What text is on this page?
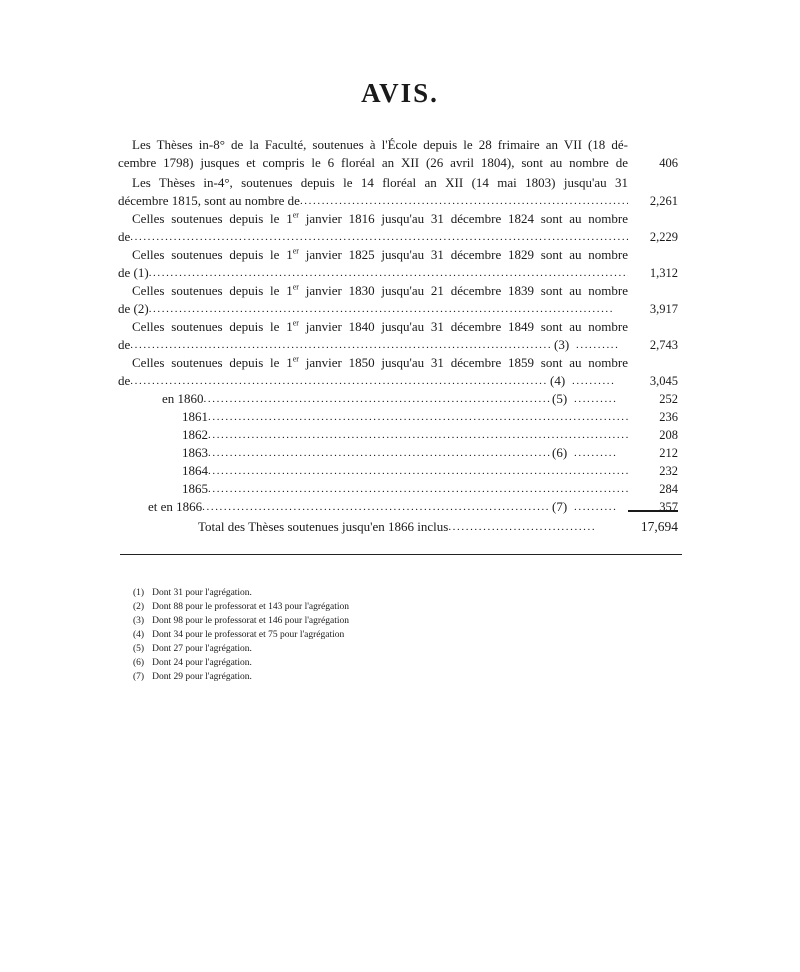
AVIS.
Les Thèses in-8° de la Faculté, soutenues à l'École depuis le 28 frimaire an VII (18 dé-
cembre 1798) jusques et compris le 6 floréal an XII (26 avril 1804), sont au nombre de	406
Les Thèses in-4°, soutenues depuis le 14 floréal an XII (14 mai 1803) jusqu'au 31
décembre 1815, sont au nombre de .....	2,261
Celles soutenues depuis le 1er janvier 1816 jusqu'au 31 décembre 1824 sont au nombre
de .....	2,229
Celles soutenues depuis le 1er janvier 1825 jusqu'au 31 décembre 1829 sont au nombre
de (1) .....	1,312
Celles soutenues depuis le 1er janvier 1830 jusqu'au 21 décembre 1839 sont au nombre
de (2) .....	3,917
Celles soutenues depuis le 1er janvier 1840 jusqu'au 31 décembre 1849 sont au nombre
de .....	(3) ..........	2,743
Celles soutenues depuis le 1er janvier 1850 jusqu'au 31 décembre 1859 sont au nombre
de .....	(4) ..........	3,045
en 1860 .....	(5) ..........	252
1861 .....	236
1862 .....	208
1863 .....	(6) ..........	212
1864 .....	232
1865 .....	284
et en 1866 .....	(7) ..........	357
Total des Thèses soutenues jusqu'en 1866 inclus .....	17,694
(1) Dont 31 pour l'agrégation.
(2) Dont 88 pour le professorat et 143 pour l'agrégation
(3) Dont 98 pour le professorat et 146 pour l'agrégation
(4) Dont 34 pour le professorat et 75 pour l'agrégation
(5) Dont 27 pour l'agrégation.
(6) Dont 24 pour l'agrégation.
(7) Dont 29 pour l'agrégation.
